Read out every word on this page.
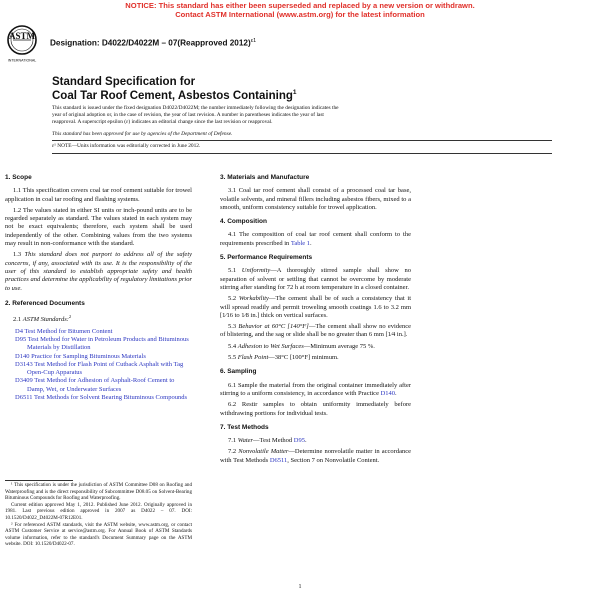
NOTICE: This standard has either been superseded and replaced by a new version or withdrawn.
Contact ASTM International (www.astm.org) for the latest information
ASTM
INTERNATIONAL
Designation: D4022/D4022M – 07(Reapproved 2012)$^{\varepsilon 1}$
Standard Specification for
Coal Tar Roof Cement, Asbestos Containing$^1$
This standard is issued under the fixed designation D4022/D4022M; the number immediately following the designation indicates the
year of original adoption or, in the case of revision, the year of last revision. A number in parentheses indicates the year of last
reapproval. A superscript epsilon (ε) indicates an editorial change since the last revision or reapproval.
This standard has been approved for use by agencies of the Department of Defense.
ε¹ NOTE—Units information was editorially corrected in June 2012.
1. Scope
1.1 This specification covers coal tar roof cement suitable for trowel application in coal tar roofing and flashing systems.
1.2 The values stated in either SI units or inch-pound units are to be regarded separately as standard. The values stated in each system may not be exact equivalents; therefore, each system shall be used independently of the other. Combining values from the two systems may result in non-conformance with the standard.
1.3 This standard does not purport to address all of the safety concerns, if any, associated with its use. It is the responsibility of the user of this standard to establish appropriate safety and health practices and determine the applicability of regulatory limitations prior to use.
2. Referenced Documents
2.1 ASTM Standards:$^2$
D4 Test Method for Bitumen Content
D95 Test Method for Water in Petroleum Products and Bituminous Materials by Distillation
D140 Practice for Sampling Bituminous Materials
D3143 Test Method for Flash Point of Cutback Asphalt with Tag Open-Cup Apparatus
D3409 Test Method for Adhesion of Asphalt-Roof Cement to Damp, Wet, or Underwater Surfaces
D6511 Test Methods for Solvent Bearing Bituminous Compounds

¹ This specification is under the jurisdiction of ASTM Committee D08 on Roofing and Waterproofing and is the direct responsibility of Subcommittee D08.05 on Solvent-Bearing Bituminous Compounds for Roofing and Waterproofing.

Current edition approved May 1, 2012. Published June 2012. Originally approved in 1981. Last previous edition approved in 2007 as D4022 – 07. DOI: 10.1520/D4022_D4022M-07R12E01.

² For referenced ASTM standards, visit the ASTM website, www.astm.org, or contact ASTM Customer Service at service@astm.org. For Annual Book of ASTM Standards volume information, refer to the standard's Document Summary page on the ASTM website. DOI: 10.1520/D4022-07.

3. Materials and Manufacture
3.1 Coal tar roof cement shall consist of a processed coal tar base, volatile solvents, and mineral fillers including asbestos fibers, mixed to a smooth, uniform consistency suitable for trowel application.
4. Composition
4.1 The composition of coal tar roof cement shall conform to the requirements prescribed in Table 1.
5. Performance Requirements
5.1 Uniformity—A thoroughly stirred sample shall show no separation of solvent or settling that cannot be overcome by moderate stirring after standing for 72 h at room temperature in a closed container.
5.2 Workability—The cement shall be of such a consistency that it will spread readily and permit troweling smooth coatings 1.6 to 3.2 mm [1⁄16 to 1⁄8 in.] thick on vertical surfaces.
5.3 Behavior at 60°C [140°F]—The cement shall show no evidence of blistering, and the sag or slide shall be no greater than 6 mm [1⁄4 in.].
5.4 Adhesion to Wet Surfaces—Minimum average 75 %.
5.5 Flash Point—38°C [100°F] minimum.
6. Sampling
6.1 Sample the material from the original container immediately after stirring to a uniform consistency, in accordance with Practice D140.
6.2 Restir samples to obtain uniformity immediately before withdrawing portions for individual tests.
7. Test Methods
7.1 Water—Test Method D95.
7.2 Nonvolatile Matter—Determine nonvolatile matter in accordance with Test Methods D6511, Section 7 on Nonvolatile Content.
1
